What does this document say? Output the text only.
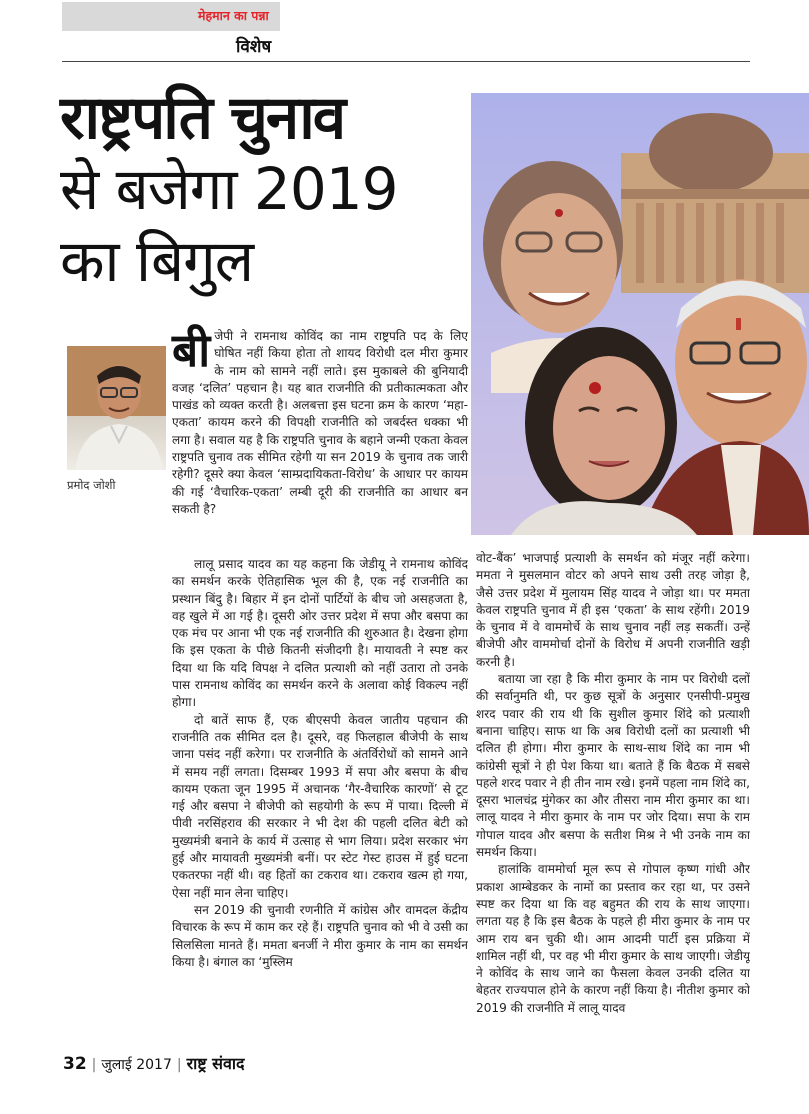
मेहमान का पन्ना
विशेष
राष्ट्रपति चुनाव
से बजेगा 2019
का बिगुल
प्रमोद जोशी
बी जेपी ने रामनाथ कोविंद का नाम राष्ट्रपति पद के लिए घोषित नहीं किया होता तो शायद विरोधी दल मीरा कुमार के नाम को सामने नहीं लाते। इस मुकाबले की बुनियादी वजह ‘दलित’ पहचान है। यह बात राजनीति की प्रतीकात्मकता और पाखंड को व्यक्त करती है। अलबत्ता इस घटना क्रम के कारण ‘महा-एकता’ कायम करने की विपक्षी राजनीति को जबर्दस्त धक्का भी लगा है। सवाल यह है कि राष्ट्रपति चुनाव के बहाने जन्मी एकता केवल राष्ट्रपति चुनाव तक सीमित रहेगी या सन 2019 के चुनाव तक जारी रहेगी? दूसरे क्या केवल ‘साम्प्रदायिकता-विरोध’ के आधार पर कायम की गई ‘वैचारिक-एकता’ लम्बी दूरी की राजनीति का आधार बन सकती है?

लालू प्रसाद यादव का यह कहना कि जेडीयू ने रामनाथ कोविंद का समर्थन करके ऐतिहासिक भूल की है, एक नई राजनीति का प्रस्थान बिंदु है। बिहार में इन दोनों पार्टियों के बीच जो असहजता है, वह खुले में आ गई है। दूसरी ओर उत्तर प्रदेश में सपा और बसपा का एक मंच पर आना भी एक नई राजनीति की शुरुआत है। देखना होगा कि इस एकता के पीछे कितनी संजीदगी है। मायावती ने स्पष्ट कर दिया था कि यदि विपक्ष ने दलित प्रत्याशी को नहीं उतारा तो उनके पास रामनाथ कोविंद का समर्थन करने के अलावा कोई विकल्प नहीं होगा।

दो बातें साफ हैं, एक बीएसपी केवल जातीय पहचान की राजनीति तक सीमित दल है। दूसरे, वह फिलहाल बीजेपी के साथ जाना पसंद नहीं करेगा। पर राजनीति के अंतर्विरोधों को सामने आने में समय नहीं लगता। दिसम्बर 1993 में सपा और बसपा के बीच कायम एकता जून 1995 में अचानक ‘गैर-वैचारिक कारणों’ से टूट गई और बसपा ने बीजेपी को सहयोगी के रूप में पाया। दिल्ली में पीवी नरसिंहराव की सरकार ने भी देश की पहली दलित बेटी को मुख्यमंत्री बनाने के कार्य में उत्साह से भाग लिया। प्रदेश सरकार भंग हुई और मायावती मुख्यमंत्री बनीं। पर स्टेट गेस्ट हाउस में हुई घटना एकतरफा नहीं थी। वह हितों का टकराव था। टकराव खत्म हो गया, ऐसा नहीं मान लेना चाहिए।

सन 2019 की चुनावी रणनीति में कांग्रेस और वामदल केंद्रीय विचारक के रूप में काम कर रहे हैं। राष्ट्रपति चुनाव को भी वे उसी का सिलसिला मानते हैं। ममता बनर्जी ने मीरा कुमार के नाम का समर्थन किया है। बंगाल का ‘मुस्लिम

वोट-बैंक’ भाजपाई प्रत्याशी के समर्थन को मंजूर नहीं करेगा। ममता ने मुसलमान वोटर को अपने साथ उसी तरह जोड़ा है, जैसे उत्तर प्रदेश में मुलायम सिंह यादव ने जोड़ा था। पर ममता केवल राष्ट्रपति चुनाव में ही इस ‘एकता’ के साथ रहेंगी। 2019 के चुनाव में वे वाममोर्चे के साथ चुनाव नहीं लड़ सकतीं। उन्हें बीजेपी और वाममोर्चा दोनों के विरोध में अपनी राजनीति खड़ी करनी है।

बताया जा रहा है कि मीरा कुमार के नाम पर विरोधी दलों की सर्वानुमति थी, पर कुछ सूत्रों के अनुसार एनसीपी-प्रमुख शरद पवार की राय थी कि सुशील कुमार शिंदे को प्रत्याशी बनाना चाहिए। साफ था कि अब विरोधी दलों का प्रत्याशी भी दलित ही होगा। मीरा कुमार के साथ-साथ शिंदे का नाम भी कांग्रेसी सूत्रों ने ही पेश किया था। बताते हैं कि बैठक में सबसे पहले शरद पवार ने ही तीन नाम रखे। इनमें पहला नाम शिंदे का, दूसरा भालचंद्र मुंगेकर का और तीसरा नाम मीरा कुमार का था। लालू यादव ने मीरा कुमार के नाम पर जोर दिया। सपा के राम गोपाल यादव और बसपा के सतीश मिश्र ने भी उनके नाम का समर्थन किया।

हालांकि वाममोर्चा मूल रूप से गोपाल कृष्ण गांधी और प्रकाश आम्बेडकर के नामों का प्रस्ताव कर रहा था, पर उसने स्पष्ट कर दिया था कि वह बहुमत की राय के साथ जाएगा। लगता यह है कि इस बैठक के पहले ही मीरा कुमार के नाम पर आम राय बन चुकी थी। आम आदमी पार्टी इस प्रक्रिया में शामिल नहीं थी, पर वह भी मीरा कुमार के साथ जाएगी। जेडीयू ने कोविंद के साथ जाने का फैसला केवल उनकी दलित या बेहतर राज्यपाल होने के कारण नहीं किया है। नीतीश कुमार को 2019 की राजनीति में लालू यादव

32 | जुलाई 2017 | राष्ट्र संवाद
